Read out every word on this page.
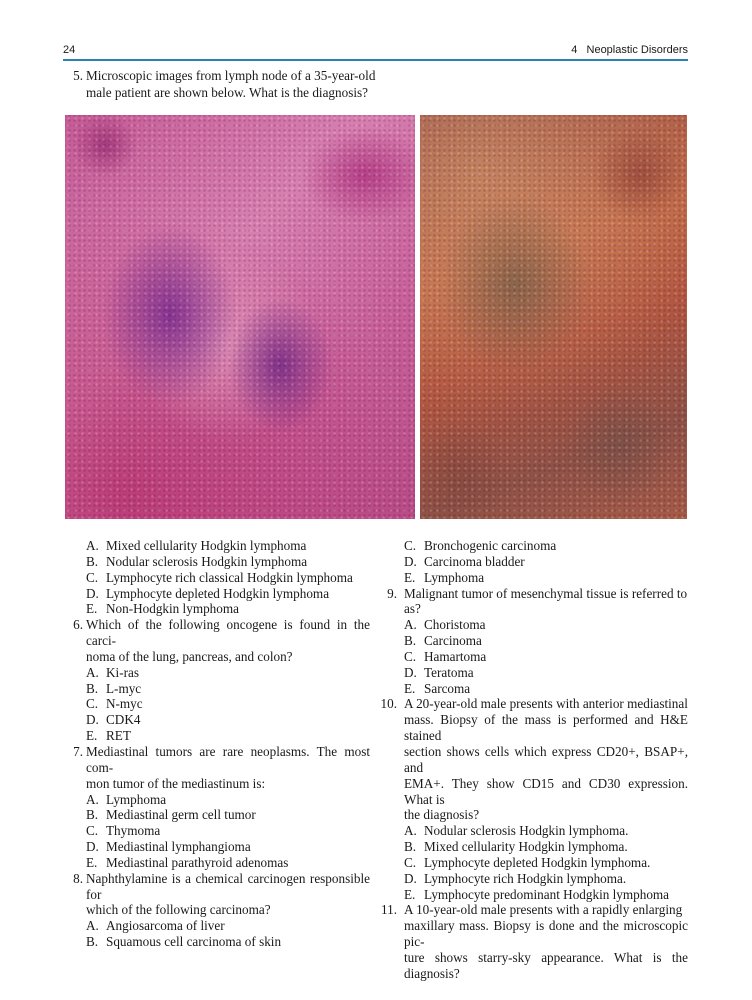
24	4   Neoplastic Disorders
5. Microscopic images from lymph node of a 35-year-old
male patient are shown below. What is the diagnosis?
A. Mixed cellularity Hodgkin lymphoma
B. Nodular sclerosis Hodgkin lymphoma
C. Lymphocyte rich classical Hodgkin lymphoma
D. Lymphocyte depleted Hodgkin lymphoma
E. Non-Hodgkin lymphoma
6. Which of the following oncogene is found in the carci-
noma of the lung, pancreas, and colon?
A. Ki-ras
B. L-myc
C. N-myc
D. CDK4
E. RET
7. Mediastinal tumors are rare neoplasms. The most com-
mon tumor of the mediastinum is:
A. Lymphoma
B. Mediastinal germ cell tumor
C. Thymoma
D. Mediastinal lymphangioma
E. Mediastinal parathyroid adenomas
8. Naphthylamine is a chemical carcinogen responsible for
which of the following carcinoma?
A. Angiosarcoma of liver
B. Squamous cell carcinoma of skin
C. Bronchogenic carcinoma
D. Carcinoma bladder
E. Lymphoma
9. Malignant tumor of mesenchymal tissue is referred to
as?
A. Choristoma
B. Carcinoma
C. Hamartoma
D. Teratoma
E. Sarcoma
10. A 20-year-old male presents with anterior mediastinal
mass. Biopsy of the mass is performed and H&E stained
section shows cells which express CD20+, BSAP+, and
EMA+. They show CD15 and CD30 expression. What is
the diagnosis?
A. Nodular sclerosis Hodgkin lymphoma.
B. Mixed cellularity Hodgkin lymphoma.
C. Lymphocyte depleted Hodgkin lymphoma.
D. Lymphocyte rich Hodgkin lymphoma.
E. Lymphocyte predominant Hodgkin lymphoma
11. A 10-year-old male presents with a rapidly enlarging
maxillary mass. Biopsy is done and the microscopic pic-
ture shows starry-sky appearance. What is the diagnosis?
